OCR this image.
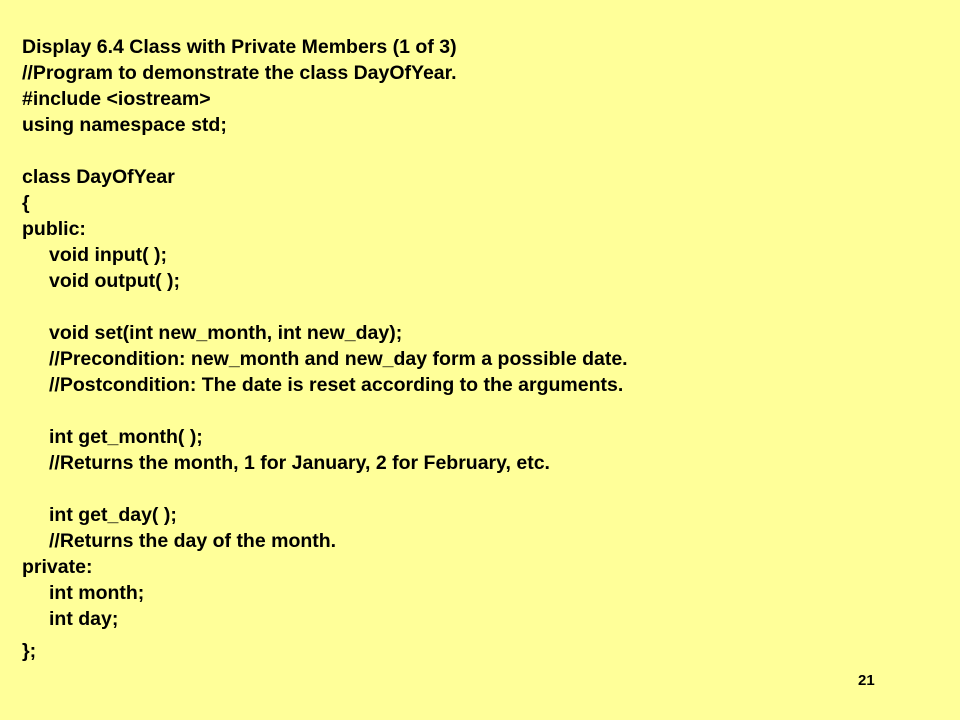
Display 6.4 Class with Private Members (1 of 3)
//Program to demonstrate the class DayOfYear.
#include <iostream>
using namespace std;
class DayOfYear
{
public:
void input( );
void output( );
void set(int new_month, int new_day);
//Precondition: new_month and new_day form a possible date.
//Postcondition: The date is reset according to the arguments.
int get_month( );
//Returns the month, 1 for January, 2 for February, etc.
int get_day( );
//Returns the day of the month.
private:
int month;
int day;
};
21
